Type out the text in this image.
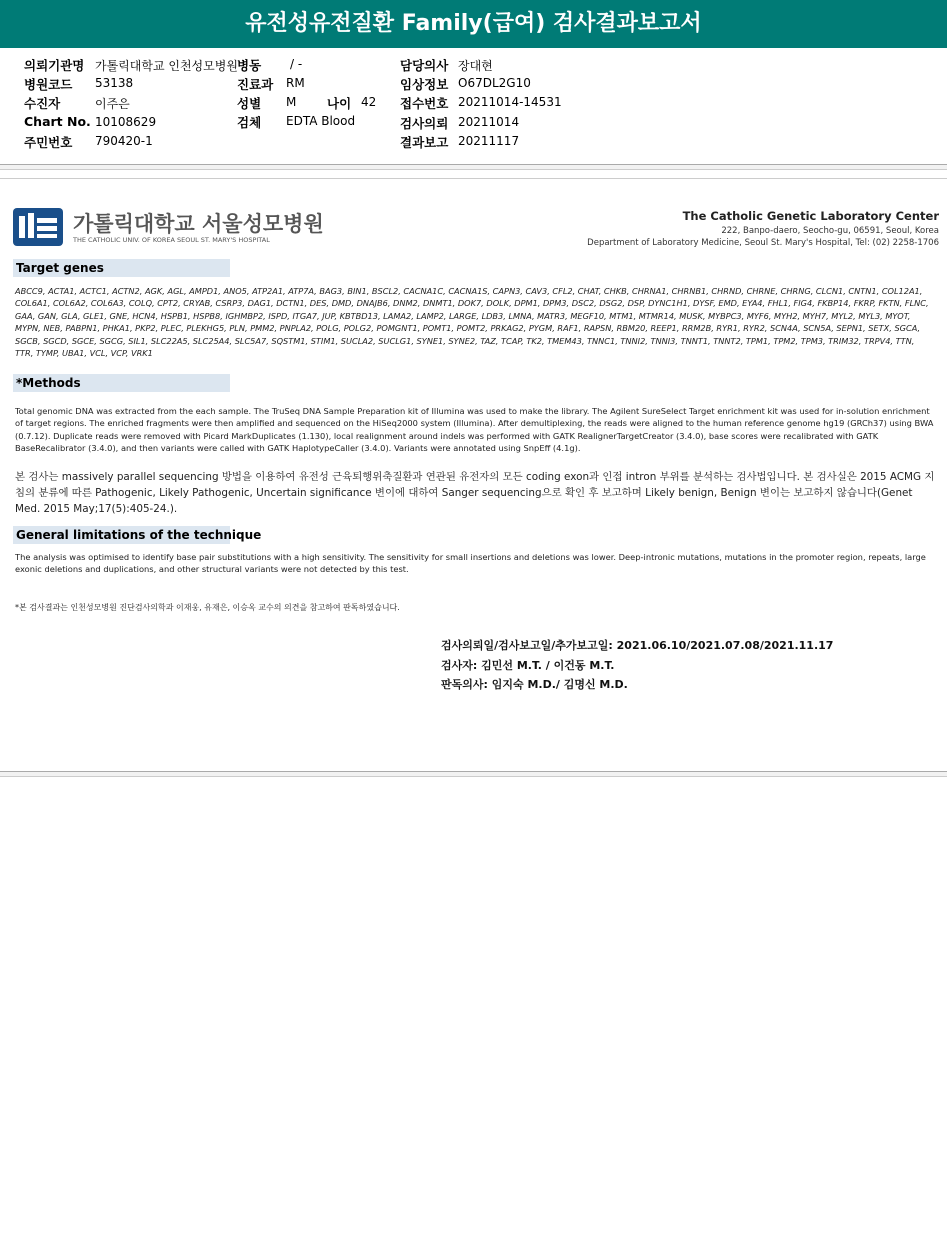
유전성유전질환 Family(급여) 검사결과보고서
의뢰기관명 가톨릭대학교 인천성모병원 병동 / -	담당의사 장대현
병원코드 53138	진료과 RM	임상정보 O67DL2G10
수진자	이주은	성별 M 나이 42 접수번호 20211014-14531
Chart No. 10108629	검체 EDTA Blood	검사의뢰 20211014
주민번호 790420-1	결과보고 20211117
가톨릭대학교 서울성모병원
THE CATHOLIC UNIV. OF KOREA SEOUL ST. MARY'S HOSPITAL
The Catholic Genetic Laboratory Center
222, Banpo-daero, Seocho-gu, 06591, Seoul, Korea
Department of Laboratory Medicine, Seoul St. Mary's Hospital, Tel: (02) 2258-1706
Target genes
ABCC9, ACTA1, ACTC1, ACTN2, AGK, AGL, AMPD1, ANO5, ATP2A1, ATP7A, BAG3, BIN1, BSCL2, CACNA1C, CACNA1S, CAPN3, CAV3, CFL2, CHAT, CHKB, CHRNA1, CHRNB1, CHRND, CHRNE, CHRNG, CLCN1, CNTN1, COL12A1, COL6A1, COL6A2, COL6A3, COLQ, CPT2, CRYAB, CSRP3, DAG1, DCTN1, DES, DMD, DNAJB6, DNM2, DNMT1, DOK7, DOLK, DPM1, DPM3, DSC2, DSG2, DSP, DYNC1H1, DYSF, EMD, EYA4, FHL1, FIG4, FKBP14, FKRP, FKTN, FLNC, GAA, GAN, GLA, GLE1, GNE, HCN4, HSPB1, HSPB8, IGHMBP2, ISPD, ITGA7, JUP, KBTBD13, LAMA2, LAMP2, LARGE, LDB3, LMNA, MATR3, MEGF10, MTM1, MTMR14, MUSK, MYBPC3, MYF6, MYH2, MYH7, MYL2, MYL3, MYOT, MYPN, NEB, PABPN1, PHKA1, PKP2, PLEC, PLEKHG5, PLN, PMM2, PNPLA2, POLG, POLG2, POMGNT1, POMT1, POMT2, PRKAG2, PYGM, RAF1, RAPSN, RBM20, REEP1, RRM2B, RYR1, RYR2, SCN4A, SCN5A, SEPN1, SETX, SGCA, SGCB, SGCD, SGCE, SGCG, SIL1, SLC22A5, SLC25A4, SLC5A7, SQSTM1, STIM1, SUCLA2, SUCLG1, SYNE1, SYNE2, TAZ, TCAP, TK2, TMEM43, TNNC1, TNNI2, TNNI3, TNNT1, TNNT2, TPM1, TPM2, TPM3, TRIM32, TRPV4, TTN, TTR, TYMP, UBA1, VCL, VCP, VRK1
*Methods
Total genomic DNA was extracted from the each sample. The TruSeq DNA Sample Preparation kit of Illumina was used to make the library. The Agilent SureSelect Target enrichment kit was used for in-solution enrichment of target regions. The enriched fragments were then amplified and sequenced on the HiSeq2000 system (Illumina). After demultiplexing, the reads were aligned to the human reference genome hg19 (GRCh37) using BWA (0.7.12). Duplicate reads were removed with Picard MarkDuplicates (1.130), local realignment around indels was performed with GATK RealignerTargetCreator (3.4.0), base scores were recalibrated with GATK BaseRecalibrator (3.4.0), and then variants were called with GATK HaplotypeCaller (3.4.0). Variants were annotated using SnpEff (4.1g).
본 검사는 massively parallel sequencing 방법을 이용하여 유전성 근육퇴행위축질환과 연관된 유전자의 모든 coding exon과 인접 intron 부위를 분석하는 검사법입니다. 본 검사실은 2015 ACMG 지침의 분류에 따른 Pathogenic, Likely Pathogenic, Uncertain significance 변이에 대하여 Sanger sequencing으로 확인 후 보고하며 Likely benign, Benign 변이는 보고하지 않습니다(Genet Med. 2015 May;17(5):405-24.).
General limitations of the technique
The analysis was optimised to identify base pair substitutions with a high sensitivity. The sensitivity for small insertions and deletions was lower. Deep-intronic mutations, mutations in the promoter region, repeats, large exonic deletions and duplications, and other structural variants were not detected by this test.
*본 검사결과는 인천성모병원 진단검사의학과 이재웅, 유재은, 이승옥 교수의 의견을 참고하여 판독하였습니다.
검사의뢰일/검사보고일/추가보고일: 2021.06.10/2021.07.08/2021.11.17
검사자: 김민선 M.T. / 이건동 M.T.
판독의사: 임지숙 M.D./ 김명신 M.D.
